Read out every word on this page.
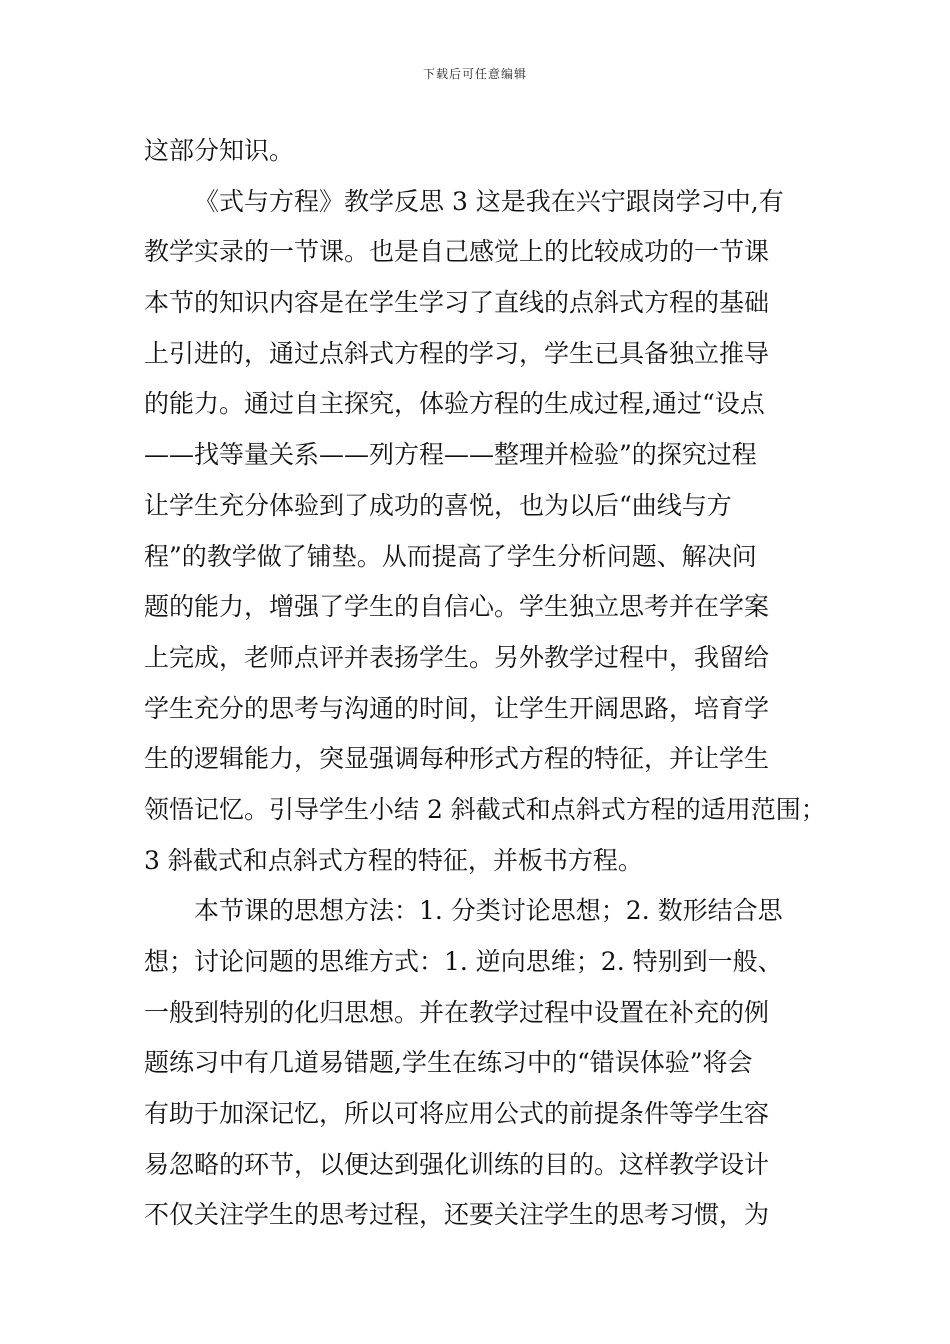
下载后可任意编辑
这部分知识。
《式与方程》教学反思 3 这是我在兴宁跟岗学习中,有
教学实录的一节课。也是自己感觉上的比较成功的一节课
本节的知识内容是在学生学习了直线的点斜式方程的基础
上引进的，通过点斜式方程的学习，学生已具备独立推导
的能力。通过自主探究，体验方程的生成过程,通过“设点
——找等量关系——列方程——整理并检验”的探究过程
让学生充分体验到了成功的喜悦，也为以后“曲线与方
程”的教学做了铺垫。从而提高了学生分析问题、解决问
题的能力，增强了学生的自信心。学生独立思考并在学案
上完成，老师点评并表扬学生。另外教学过程中，我留给
学生充分的思考与沟通的时间，让学生开阔思路，培育学
生的逻辑能力，突显强调每种形式方程的特征，并让学生
领悟记忆。引导学生小结 2 斜截式和点斜式方程的适用范围；
3 斜截式和点斜式方程的特征，并板书方程。
本节课的思想方法：1. 分类讨论思想；2. 数形结合思
想；讨论问题的思维方式：1. 逆向思维；2. 特别到一般、
一般到特别的化归思想。并在教学过程中设置在补充的例
题练习中有几道易错题,学生在练习中的“错误体验”将会
有助于加深记忆，所以可将应用公式的前提条件等学生容
易忽略的环节，以便达到强化训练的目的。这样教学设计
不仅关注学生的思考过程，还要关注学生的思考习惯，为
